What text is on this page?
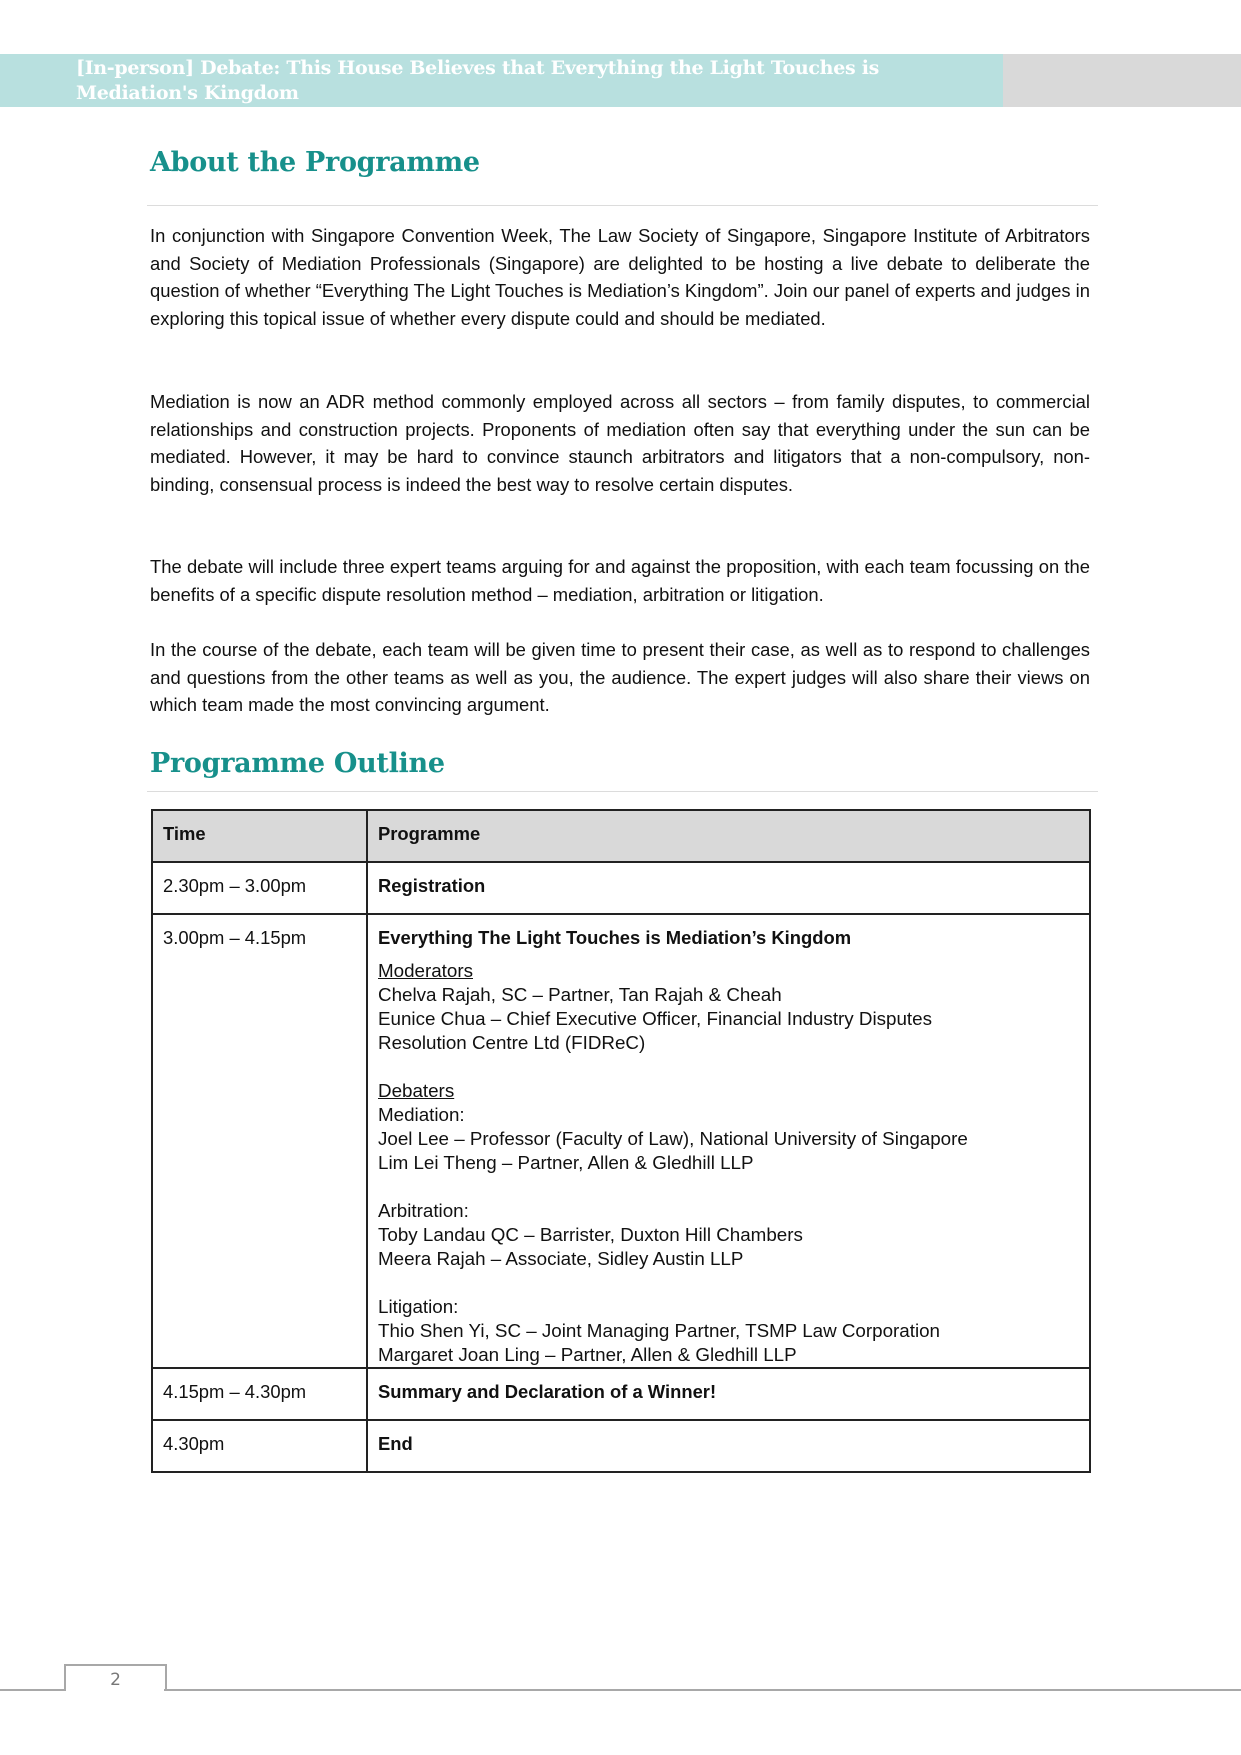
[In-person] Debate: This House Believes that Everything the Light Touches is Mediation's Kingdom
About the Programme
In conjunction with Singapore Convention Week, The Law Society of Singapore, Singapore Institute of Arbitrators and Society of Mediation Professionals (Singapore) are delighted to be hosting a live debate to deliberate the question of whether “Everything The Light Touches is Mediation’s Kingdom”. Join our panel of experts and judges in exploring this topical issue of whether every dispute could and should be mediated.
Mediation is now an ADR method commonly employed across all sectors – from family disputes, to commercial relationships and construction projects. Proponents of mediation often say that everything under the sun can be mediated. However, it may be hard to convince staunch arbitrators and litigators that a non-compulsory, non-binding, consensual process is indeed the best way to resolve certain disputes.
The debate will include three expert teams arguing for and against the proposition, with each team focussing on the benefits of a specific dispute resolution method – mediation, arbitration or litigation.
In the course of the debate, each team will be given time to present their case, as well as to respond to challenges and questions from the other teams as well as you, the audience. The expert judges will also share their views on which team made the most convincing argument.
Programme Outline
Time	Programme
2.30pm – 3.00pm	Registration
3.00pm – 4.15pm	Everything The Light Touches is Mediation’s Kingdom
Moderators
Chelva Rajah, SC – Partner, Tan Rajah & Cheah
Eunice Chua – Chief Executive Officer, Financial Industry Disputes Resolution Centre Ltd (FIDReC)
Debaters
Mediation:
Joel Lee – Professor (Faculty of Law), National University of Singapore
Lim Lei Theng – Partner, Allen & Gledhill LLP
Arbitration:
Toby Landau QC – Barrister, Duxton Hill Chambers
Meera Rajah – Associate, Sidley Austin LLP
Litigation:
Thio Shen Yi, SC – Joint Managing Partner, TSMP Law Corporation
Margaret Joan Ling – Partner, Allen & Gledhill LLP

4.15pm – 4.30pm	Summary and Declaration of a Winner!
4.30pm	End
2
